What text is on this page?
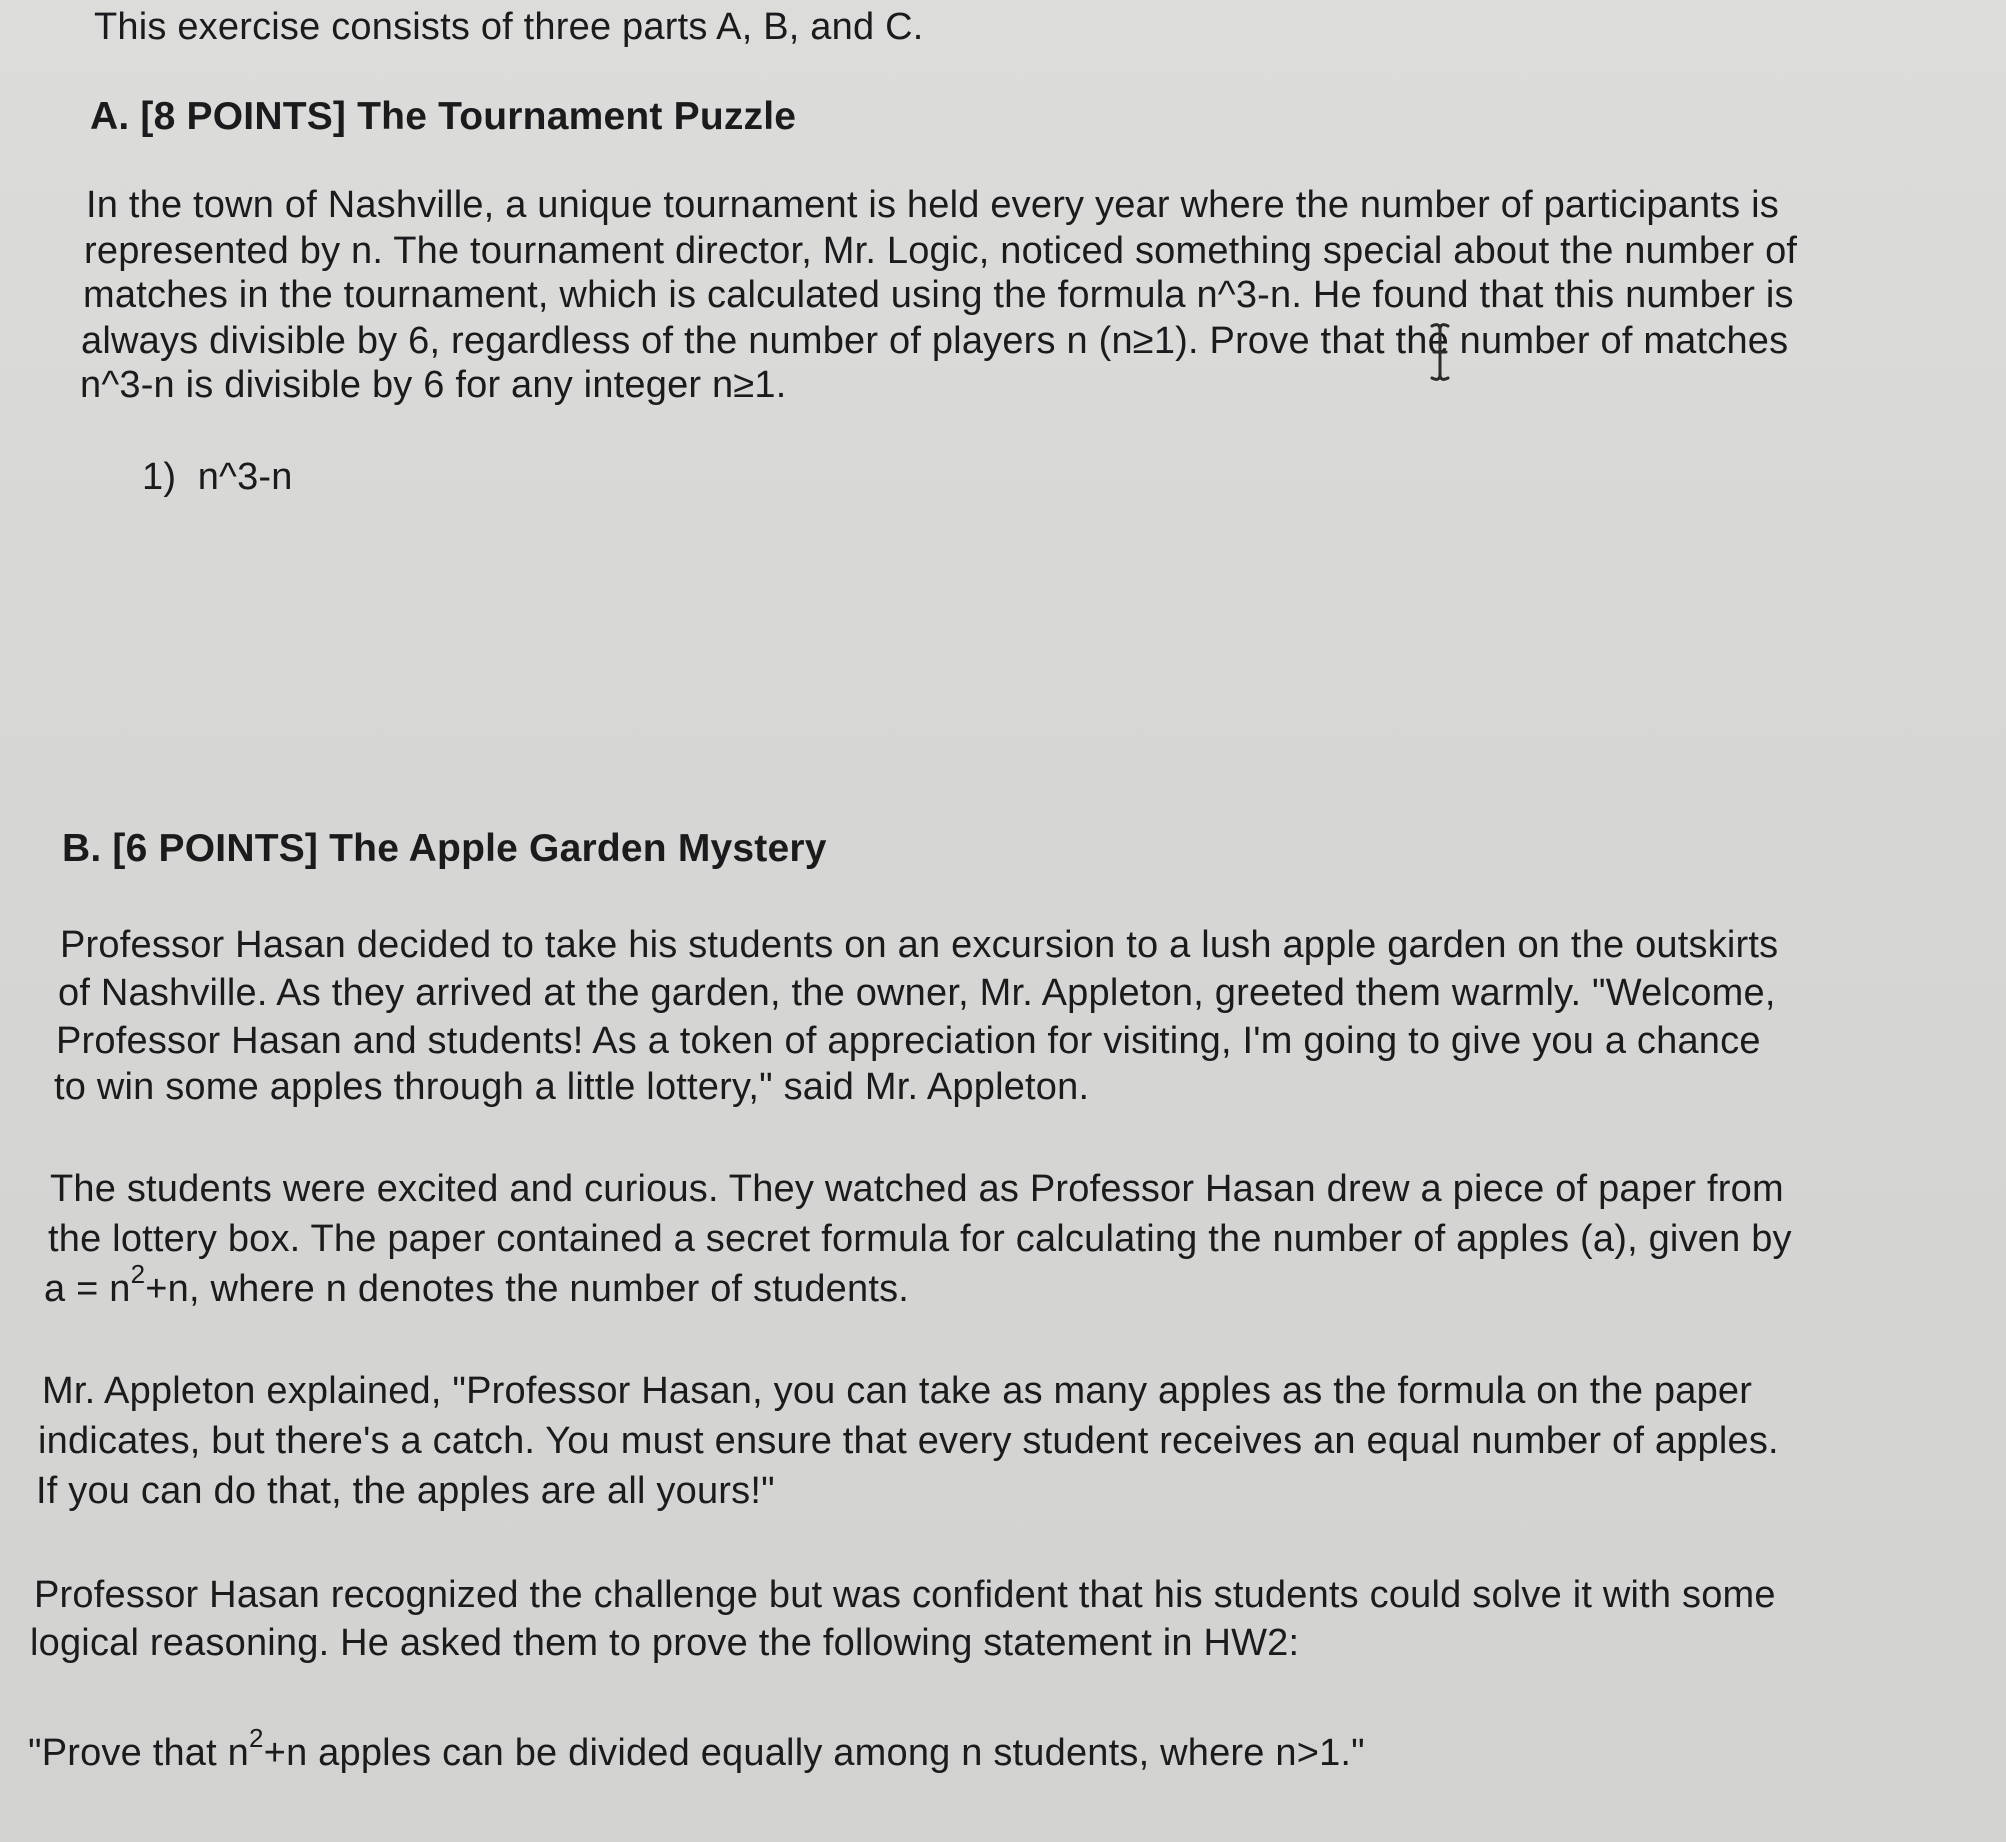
This exercise consists of three parts A, B, and C.
A. [8 POINTS] The Tournament Puzzle
In the town of Nashville, a unique tournament is held every year where the number of participants is
represented by n. The tournament director, Mr. Logic, noticed something special about the number of
matches in the tournament, which is calculated using the formula n^3-n. He found that this number is
always divisible by 6, regardless of the number of players n (n≥1). Prove that the number of matches
n^3-n is divisible by 6 for any integer n≥1.
1)  n^3-n
B. [6 POINTS] The Apple Garden Mystery
Professor Hasan decided to take his students on an excursion to a lush apple garden on the outskirts
of Nashville. As they arrived at the garden, the owner, Mr. Appleton, greeted them warmly. "Welcome,
Professor Hasan and students! As a token of appreciation for visiting, I'm going to give you a chance
to win some apples through a little lottery," said Mr. Appleton.
The students were excited and curious. They watched as Professor Hasan drew a piece of paper from
the lottery box. The paper contained a secret formula for calculating the number of apples (a), given by
$a = n^2+n$, where n denotes the number of students.
Mr. Appleton explained, "Professor Hasan, you can take as many apples as the formula on the paper
indicates, but there's a catch. You must ensure that every student receives an equal number of apples.
If you can do that, the apples are all yours!"
Professor Hasan recognized the challenge but was confident that his students could solve it with some
logical reasoning. He asked them to prove the following statement in HW2:
"Prove that $n^2+n$ apples can be divided equally among n students, where n>1."
